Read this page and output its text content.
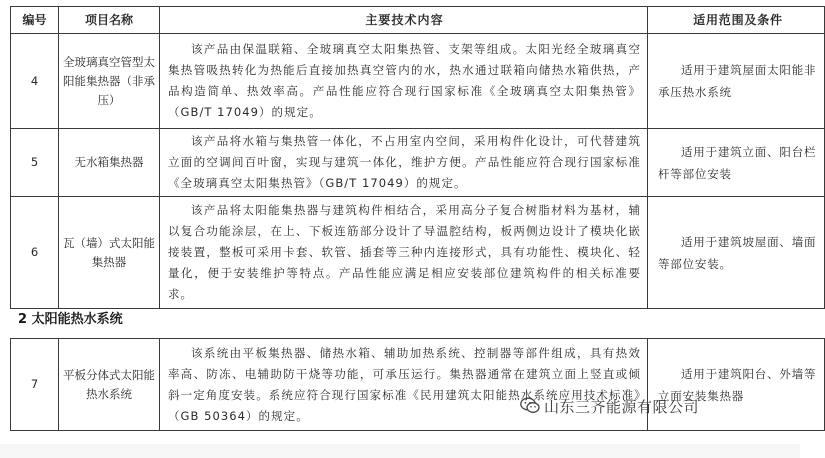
编号	项目名称	主要技术内容	适用范围及条件
4	全玻璃真空管型太阳能集热器（非承压）	该产品由保温联箱、全玻璃真空太阳集热管、支架等组成。太阳光经全玻璃真空集热管吸热转化为热能后直接加热真空管内的水，热水通过联箱向储热水箱供热，产品构造简单、热效率高。产品性能应符合现行国家标准《全玻璃真空太阳集热管》（GB/T 17049）的规定。	适用于建筑屋面太阳能非承压热水系统
5	无水箱集热器	该产品将水箱与集热管一体化，不占用室内空间，采用构件化设计，可代替建筑立面的空调间百叶窗，实现与建筑一体化，维护方便。产品性能应符合现行国家标准《全玻璃真空太阳集热管》（GB/T 17049）的规定。	适用于建筑立面、阳台栏杆等部位安装
6	瓦（墙）式太阳能集热器	该产品将太阳能集热器与建筑构件相结合，采用高分子复合树脂材料为基材，辅以复合功能涂层，在上、下板连筋部分设计了导温腔结构，板两侧边设计了模块化嵌接装置，整板可采用卡套、软管、插套等三种内连接形式，具有功能性、模块化、轻量化，便于安装维护等特点。产品性能应满足相应安装部位建筑构件的相关标准要求。	适用于建筑坡屋面、墙面等部位安装。
2 太阳能热水系统
7	平板分体式太阳能热水系统	该系统由平板集热器、储热水箱、辅助加热系统、控制器等部件组成，具有热效率高、防冻、电辅助防干烧等功能，可承压运行。集热器通常在建筑立面上竖直或倾斜一定角度安装。系统应符合现行国家标准《民用建筑太阳能热水系统应用技术标准》（GB 50364）的规定。	适用于建筑阳台、外墙等立面安装集热器
山东三齐能源有限公司
